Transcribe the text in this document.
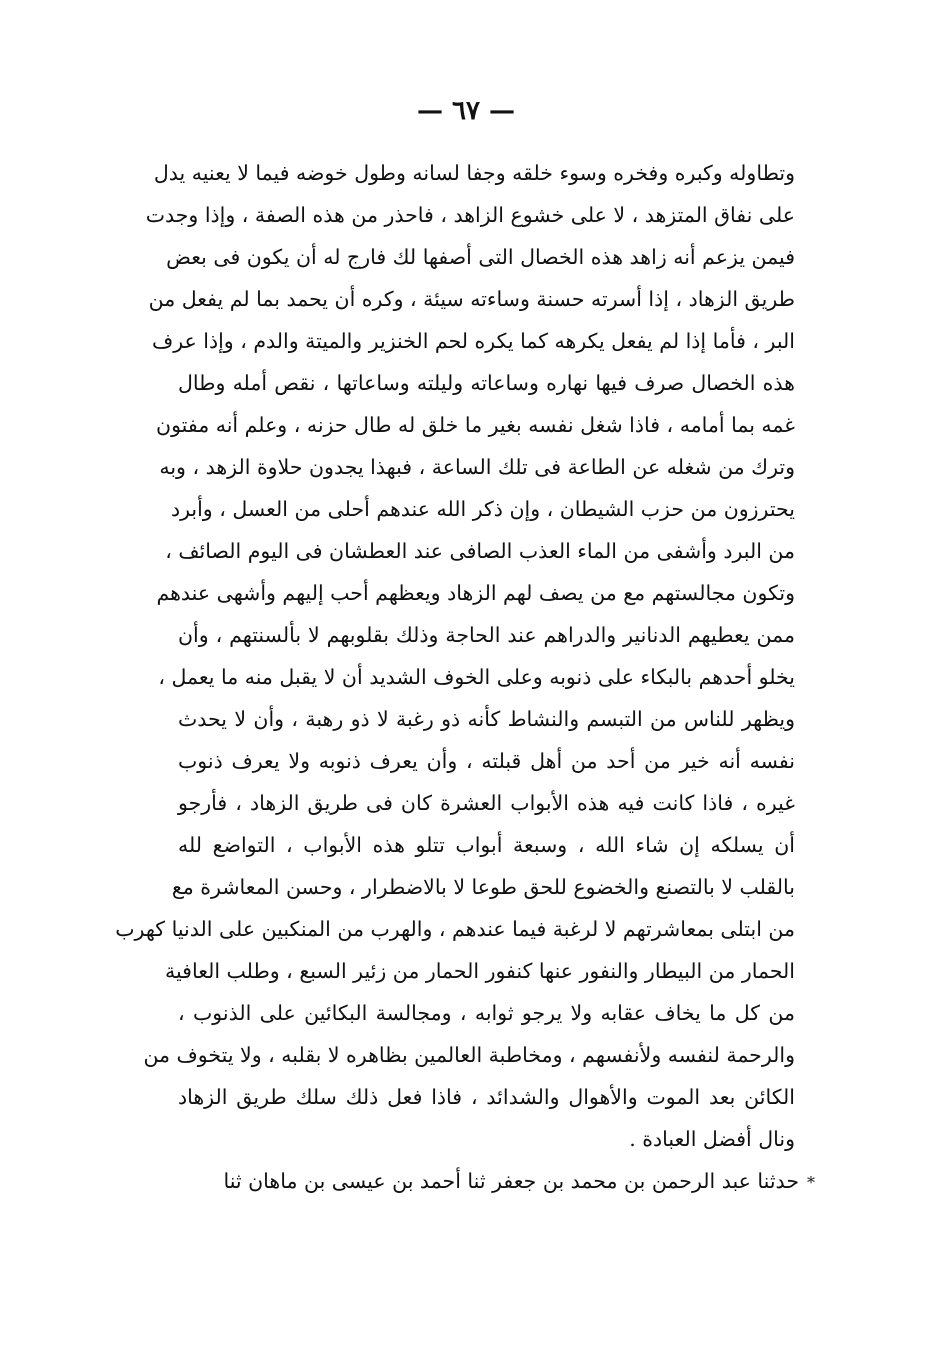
— ٦٧ —
وتطاوله وكبره وفخره وسوء خلقه وجفا لسانه وطول خوضه فيما لا يعنيه يدل
على نفاق المتزهد ، لا على خشوع الزاهد ، فاحذر من هذه الصفة ، وإذا وجدت
فيمن يزعم أنه زاهد هذه الخصال التى أصفها لك فارج له أن يكون فى بعض
طريق الزهاد ، إذا أسرته حسنة وساءته سيئة ، وكره أن يحمد بما لم يفعل من
البر ، فأما إذا لم يفعل يكرهه كما يكره لحم الخنزير والميتة والدم ، وإذا عرف
هذه الخصال صرف فيها نهاره وساعاته وليلته وساعاتها ، نقص أمله وطال
غمه بما أمامه ، فاذا شغل نفسه بغير ما خلق له طال حزنه ، وعلم أنه مفتون
وترك من شغله عن الطاعة فى تلك الساعة ، فبهذا يجدون حلاوة الزهد ، وبه
يحترزون من حزب الشيطان ، وإن ذكر الله عندهم أحلى من العسل ، وأبرد
من البرد وأشفى من الماء العذب الصافى عند العطشان فى اليوم الصائف ،
وتكون مجالستهم مع من يصف لهم الزهاد ويعظهم أحب إليهم وأشهى عندهم
ممن يعطيهم الدنانير والدراهم عند الحاجة وذلك بقلوبهم لا بألسنتهم ، وأن
يخلو أحدهم بالبكاء على ذنوبه وعلى الخوف الشديد أن لا يقبل منه ما يعمل ،
ويظهر للناس من التبسم والنشاط كأنه ذو رغبة لا ذو رهبة ، وأن لا يحدث
نفسه أنه خير من أحد من أهل قبلته ، وأن يعرف ذنوبه ولا يعرف ذنوب
غيره ، فاذا كانت فيه هذه الأبواب العشرة كان فى طريق الزهاد ، فأرجو
أن يسلكه إن شاء الله ، وسبعة أبواب تتلو هذه الأبواب ، التواضع لله
بالقلب لا بالتصنع والخضوع للحق طوعا لا بالاضطرار ، وحسن المعاشرة مع
من ابتلى بمعاشرتهم لا لرغبة فيما عندهم ، والهرب من المنكبين على الدنيا كهرب
الحمار من البيطار والنفور عنها كنفور الحمار من زئير السبع ، وطلب العافية
من كل ما يخاف عقابه ولا يرجو ثوابه ، ومجالسة البكائين على الذنوب ،
والرحمة لنفسه ولأنفسهم ، ومخاطبة العالمين بظاهره لا بقلبه ، ولا يتخوف من
الكائن بعد الموت والأهوال والشدائد ، فاذا فعل ذلك سلك طريق الزهاد
ونال أفضل العبادة .
*حدثنا عبد الرحمن بن محمد بن جعفر ثنا أحمد بن عيسى بن ماهان ثنا
